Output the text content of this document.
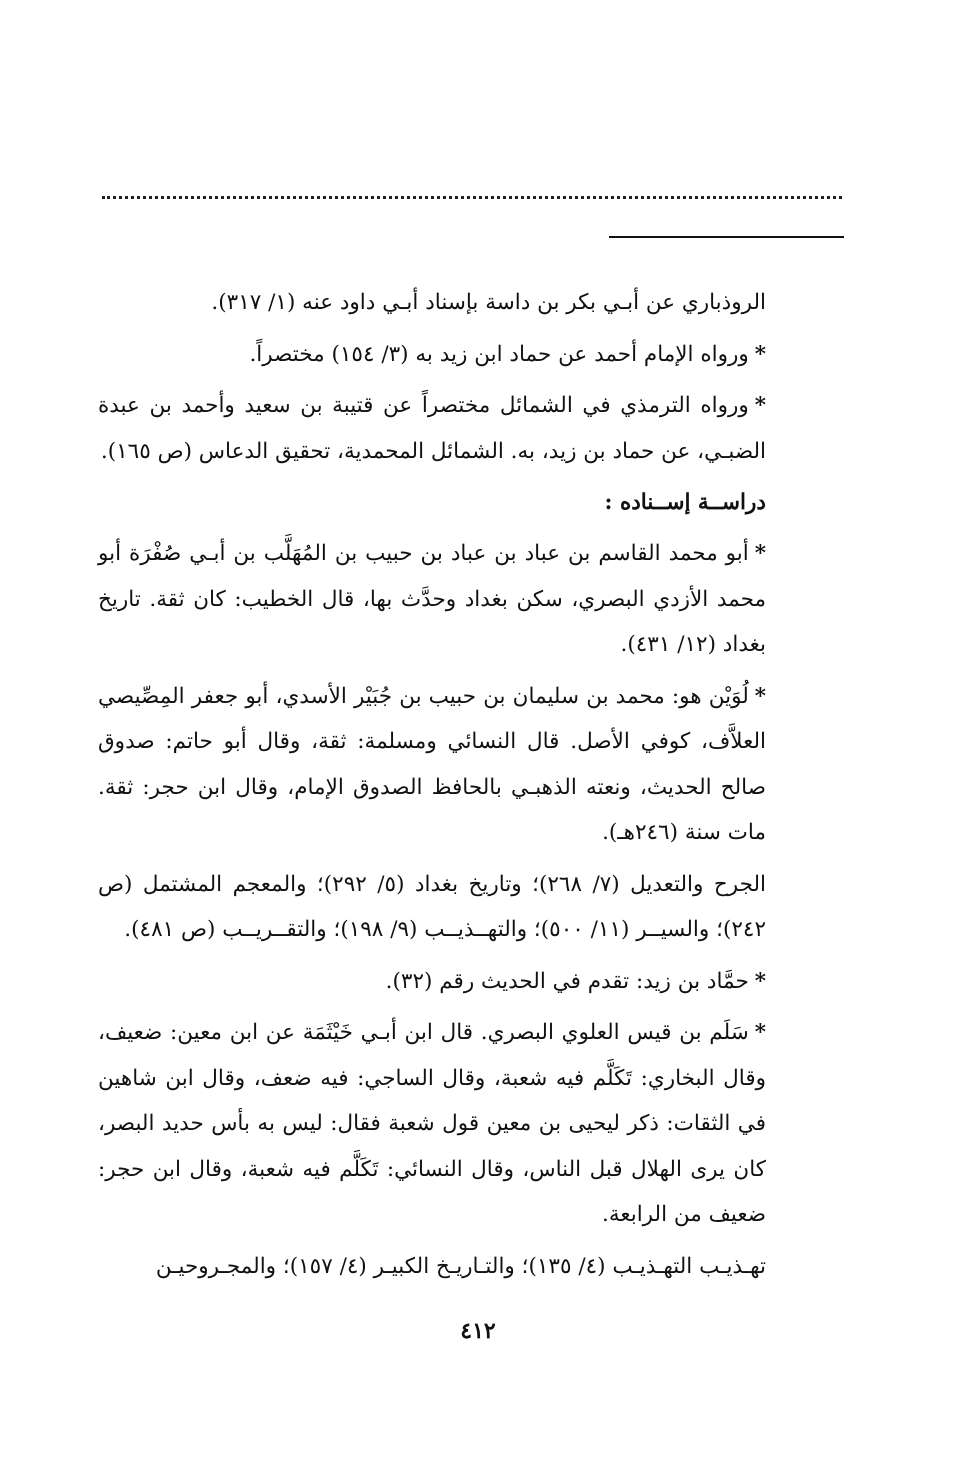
الروذباري عن أبـي بكر بن داسة بإسناد أبـي داود عنه (١/ ٣١٧).

*ورواه الإمام أحمد عن حماد ابن زيد به (٣/ ١٥٤) مختصراً.

*ورواه الترمذي في الشمائل مختصراً عن قتيبة بن سعيد وأحمد بن عبدة الضبـي، عن حماد بن زيد، به. الشمائل المحمدية، تحقيق الدعاس (ص ١٦٥).

دراســة إســناده :

*أبو محمد القاسم بن عباد بن عباد بن حبيب بن المُهَلَّب بن أبـي صُفْرَة أبو محمد الأزدي البصري، سكن بغداد وحدَّث بها، قال الخطيب: كان ثقة. تاريخ بغداد (١٢/ ٤٣١).

*لُوَيْن هو: محمد بن سليمان بن حبيب بن جُبَيْر الأسدي، أبو جعفر المِصِّيصي العلاَّف، كوفي الأصل. قال النسائي ومسلمة: ثقة، وقال أبو حاتم: صدوق صالح الحديث، ونعته الذهبـي بالحافظ الصدوق الإمام، وقال ابن حجر: ثقة. مات سنة (٢٤٦هـ).

الجرح والتعديل (٧/ ٢٦٨)؛ وتاريخ بغداد (٥/ ٢٩٢)؛ والمعجم المشتمل (ص ٢٤٢)؛ والسيــر (١١/ ٥٠٠)؛ والتهــذيــب (٩/ ١٩٨)؛ والتقــريــب (ص ٤٨١).

*حمَّاد بن زيد: تقدم في الحديث رقم (٣٢).

*سَلَم بن قيس العلوي البصري. قال ابن أبـي خَيْثَمَة عن ابن معين: ضعيف، وقال البخاري: تَكَلَّم فيه شعبة، وقال الساجي: فيه ضعف، وقال ابن شاهين في الثقات: ذكر ليحيى بن معين قول شعبة فقال: ليس به بأس حديد البصر، كان يرى الهلال قبل الناس، وقال النسائي: تَكَلَّم فيه شعبة، وقال ابن حجر: ضعيف من الرابعة.

تهـذيـب التهـذيـب (٤/ ١٣٥)؛ والتـاريـخ الكبيـر (٤/ ١٥٧)؛ والمجـروحيـن

٤١٢
